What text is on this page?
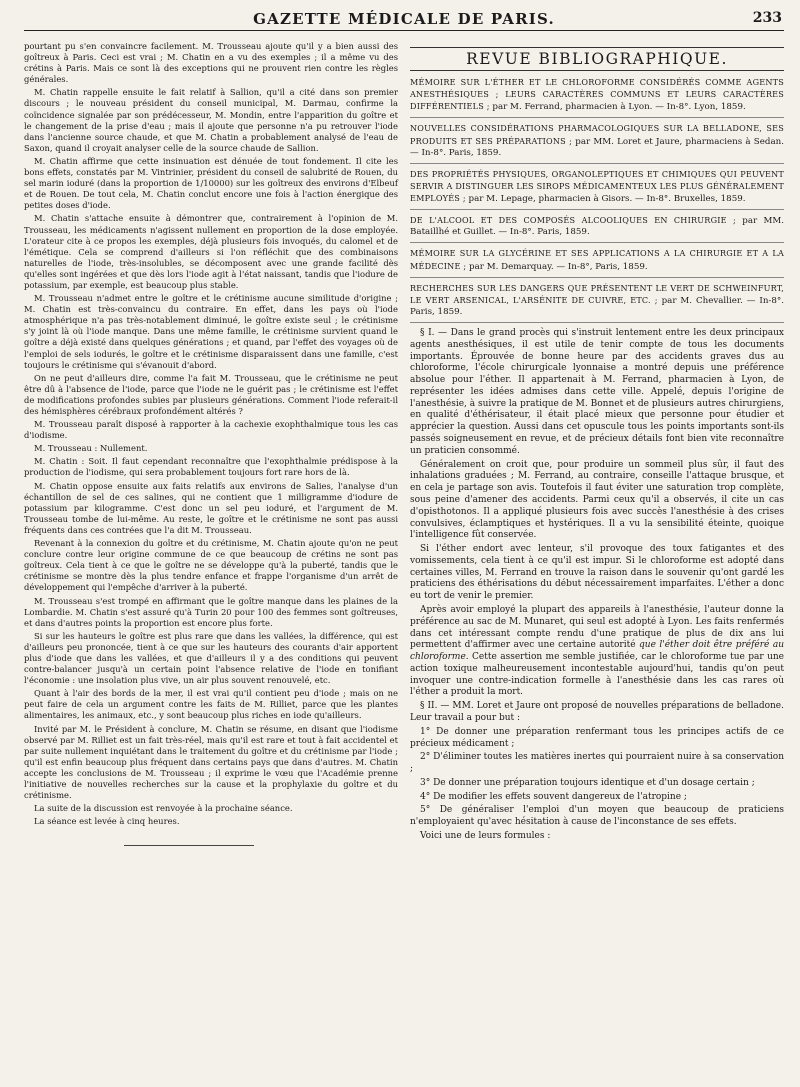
GAZETTE MÉDICALE DE PARIS.	233

pourtant pu s'en convaincre facilement. M. Trousseau ajoute qu'il y a bien aussi des goîtreux à Paris. Ceci est vrai ; M. Chatin en a vu des exemples ; il a même vu des crétins à Paris. Mais ce sont là des exceptions qui ne prouvent rien contre les règles générales.

M. Chatin rappelle ensuite le fait relatif à Sallion, qu'il a cité dans son premier discours ; le nouveau président du conseil municipal, M. Darmau, confirme la coïncidence signalée par son prédécesseur, M. Mondin, entre l'apparition du goître et le changement de la prise d'eau ; mais il ajoute que personne n'a pu retrouver l'iode dans l'ancienne source chaude, et que M. Chatin a probablement analysé de l'eau de Saxon, quand il croyait analyser celle de la source chaude de Sallion.

M. Chatin affirme que cette insinuation est dénuée de tout fondement. Il cite les bons effets, constatés par M. Vintrinier, président du conseil de salubrité de Rouen, du sel marin ioduré (dans la proportion de 1/10000) sur les goîtreux des environs d'Elbeuf et de Rouen. De tout cela, M. Chatin conclut encore une fois à l'action énergique des petites doses d'iode.

M. Chatin s'attache ensuite à démontrer que, contrairement à l'opinion de M. Trousseau, les médicaments n'agissent nullement en proportion de la dose employée. L'orateur cite à ce propos les exemples, déjà plusieurs fois invoqués, du calomel et de l'émétique. Cela se comprend d'ailleurs si l'on réfléchit que des combinaisons naturelles de l'iode, très-insolubles, se décomposent avec une grande facilité dès qu'elles sont ingérées et que dès lors l'iode agit à l'état naissant, tandis que l'iodure de potassium, par exemple, est beaucoup plus stable.

M. Trousseau n'admet entre le goître et le crétinisme aucune similitude d'origine ; M. Chatin est très-convaincu du contraire. En effet, dans les pays où l'iode atmosphérique n'a pas très-notablement diminué, le goître existe seul ; le crétinisme s'y joint là où l'iode manque. Dans une même famille, le crétinisme survient quand le goître a déjà existé dans quelques générations ; et quand, par l'effet des voyages où de l'emploi de sels iodurés, le goître et le crétinisme disparaissent dans une famille, c'est toujours le crétinisme qui s'évanouit d'abord.

On ne peut d'ailleurs dire, comme l'a fait M. Trousseau, que le crétinisme ne peut être dû à l'absence de l'iode, parce que l'iode ne le guérit pas ; le crétinisme est l'effet de modifications profondes subies par plusieurs générations. Comment l'iode referait-il des hémisphères cérébraux profondément altérés ?

M. Trousseau paraît disposé à rapporter à la cachexie exophthalmique tous les cas d'iodisme.

M. Trousseau : Nullement.

M. Chatin : Soit. Il faut cependant reconnaître que l'exophthalmie prédispose à la production de l'iodisme, qui sera probablement toujours fort rare hors de là.

M. Chatin oppose ensuite aux faits relatifs aux environs de Salies, l'analyse d'un échantillon de sel de ces salines, qui ne contient que 1 milligramme d'iodure de potassium par kilogramme. C'est donc un sel peu ioduré, et l'argument de M. Trousseau tombe de lui-même. Au reste, le goître et le crétinisme ne sont pas aussi fréquents dans ces contrées que l'a dit M. Trousseau.

Revenant à la connexion du goître et du crétinisme, M. Chatin ajoute qu'on ne peut conclure contre leur origine commune de ce que beaucoup de crétins ne sont pas goîtreux. Cela tient à ce que le goître ne se développe qu'à la puberté, tandis que le crétinisme se montre dès la plus tendre enfance et frappe l'organisme d'un arrêt de développement qui l'empêche d'arriver à la puberté.

M. Trousseau s'est trompé en affirmant que le goître manque dans les plaines de la Lombardie. M. Chatin s'est assuré qu'à Turin 20 pour 100 des femmes sont goîtreuses, et dans d'autres points la proportion est encore plus forte.

Si sur les hauteurs le goître est plus rare que dans les vallées, la différence, qui est d'ailleurs peu prononcée, tient à ce que sur les hauteurs des courants d'air apportent plus d'iode que dans les vallées, et que d'ailleurs il y a des conditions qui peuvent contre-balancer jusqu'à un certain point l'absence relative de l'iode en tonifiant l'économie : une insolation plus vive, un air plus souvent renouvelé, etc.

Quant à l'air des bords de la mer, il est vrai qu'il contient peu d'iode ; mais on ne peut faire de cela un argument contre les faits de M. Rilliet, parce que les plantes alimentaires, les animaux, etc., y sont beaucoup plus riches en iode qu'ailleurs.

Invité par M. le Président à conclure, M. Chatin se résume, en disant que l'iodisme observé par M. Rilliet est un fait très-réel, mais qu'il est rare et tout à fait accidentel et par suite nullement inquiétant dans le traitement du goître et du crétinisme par l'iode ; qu'il est enfin beaucoup plus fréquent dans certains pays que dans d'autres. M. Chatin accepte les conclusions de M. Trousseau ; il exprime le vœu que l'Académie prenne l'initiative de nouvelles recherches sur la cause et la prophylaxie du goître et du crétinisme.

La suite de la discussion est renvoyée à la prochaine séance.

La séance est levée à cinq heures.

REVUE BIBLIOGRAPHIQUE.
MÉMOIRE SUR L'ÉTHER ET LE CHLOROFORME CONSIDÉRÉS COMME AGENTS ANESTHÉSIQUES ; LEURS CARACTÈRES COMMUNS ET LEURS CARACTÈRES DIFFÉRENTIELS ; par M. Ferrand, pharmacien à Lyon. — In-8°. Lyon, 1859.
NOUVELLES CONSIDÉRATIONS PHARMACOLOGIQUES SUR LA BELLADONE, SES PRODUITS ET SES PRÉPARATIONS ; par MM. Loret et Jaure, pharmaciens à Sedan. — In-8°. Paris, 1859.
DES PROPRIÉTÉS PHYSIQUES, ORGANOLEPTIQUES ET CHIMIQUES QUI PEUVENT SERVIR A DISTINGUER LES SIROPS MÉDICAMENTEUX LES PLUS GÉNÉRALEMENT EMPLOYÉS ; par M. Lepage, pharmacien à Gisors. — In-8°. Bruxelles, 1859.
DE L'ALCOOL ET DES COMPOSÉS ALCOOLIQUES EN CHIRURGIE ; par MM. Bataillhé et Guillet. — In-8°. Paris, 1859.
MÉMOIRE SUR LA GLYCÉRINE ET SES APPLICATIONS A LA CHIRURGIE ET A LA MÉDECINE ; par M. Demarquay. — In-8°, Paris, 1859.
RECHERCHES SUR LES DANGERS QUE PRÉSENTENT LE VERT DE SCHWEINFURT, LE VERT ARSENICAL, L'ARSÉNITE DE CUIVRE, ETC. ; par M. Chevallier. — In-8°. Paris, 1859.

§ I. — Dans le grand procès qui s'instruit lentement entre les deux principaux agents anesthésiques, il est utile de tenir compte de tous les documents importants. Éprouvée de bonne heure par des accidents graves dus au chloroforme, l'école chirurgicale lyonnaise a montré depuis une préférence absolue pour l'éther. Il appartenait à M. Ferrand, pharmacien à Lyon, de représenter les idées admises dans cette ville. Appelé, depuis l'origine de l'anesthésie, à suivre la pratique de M. Bonnet et de plusieurs autres chirurgiens, en qualité d'éthérisateur, il était placé mieux que personne pour étudier et apprécier la question. Aussi dans cet opuscule tous les points importants sont-ils passés soigneusement en revue, et de précieux détails font bien vite reconnaître un praticien consommé.

Généralement on croit que, pour produire un sommeil plus sûr, il faut des inhalations graduées ; M. Ferrand, au contraire, conseille l'attaque brusque, et en cela je partage son avis. Toutefois il faut éviter une saturation trop complète, sous peine d'amener des accidents. Parmi ceux qu'il a observés, il cite un cas d'opisthotonos. Il a appliqué plusieurs fois avec succès l'anesthésie à des crises convulsives, éclamptiques et hystériques. Il a vu la sensibilité éteinte, quoique l'intelligence fût conservée.

Si l'éther endort avec lenteur, s'il provoque des toux fatigantes et des vomissements, cela tient à ce qu'il est impur. Si le chloroforme est adopté dans certaines villes, M. Ferrand en trouve la raison dans le souvenir qu'ont gardé les praticiens des éthérisations du début nécessairement imparfaites. L'éther a donc eu tort de venir le premier.

Après avoir employé la plupart des appareils à l'anesthésie, l'auteur donne la préférence au sac de M. Munaret, qui seul est adopté à Lyon. Les faits renfermés dans cet intéressant compte rendu d'une pratique de plus de dix ans lui permettent d'affirmer avec une certaine autorité que l'éther doit être préféré au chloroforme. Cette assertion me semble justifiée, car le chloroforme tue par une action toxique malheureusement incontestable aujourd'hui, tandis qu'on peut invoquer une contre-indication formelle à l'anesthésie dans les cas rares où l'éther a produit la mort.

§ II. — MM. Loret et Jaure ont proposé de nouvelles préparations de belladone. Leur travail a pour but :

1° De donner une préparation renfermant tous les principes actifs de ce précieux médicament ;

2° D'éliminer toutes les matières inertes qui pourraient nuire à sa conservation ;

3° De donner une préparation toujours identique et d'un dosage certain ;

4° De modifier les effets souvent dangereux de l'atropine ;

5° De généraliser l'emploi d'un moyen que beaucoup de praticiens n'employaient qu'avec hésitation à cause de l'inconstance de ses effets.

Voici une de leurs formules :
